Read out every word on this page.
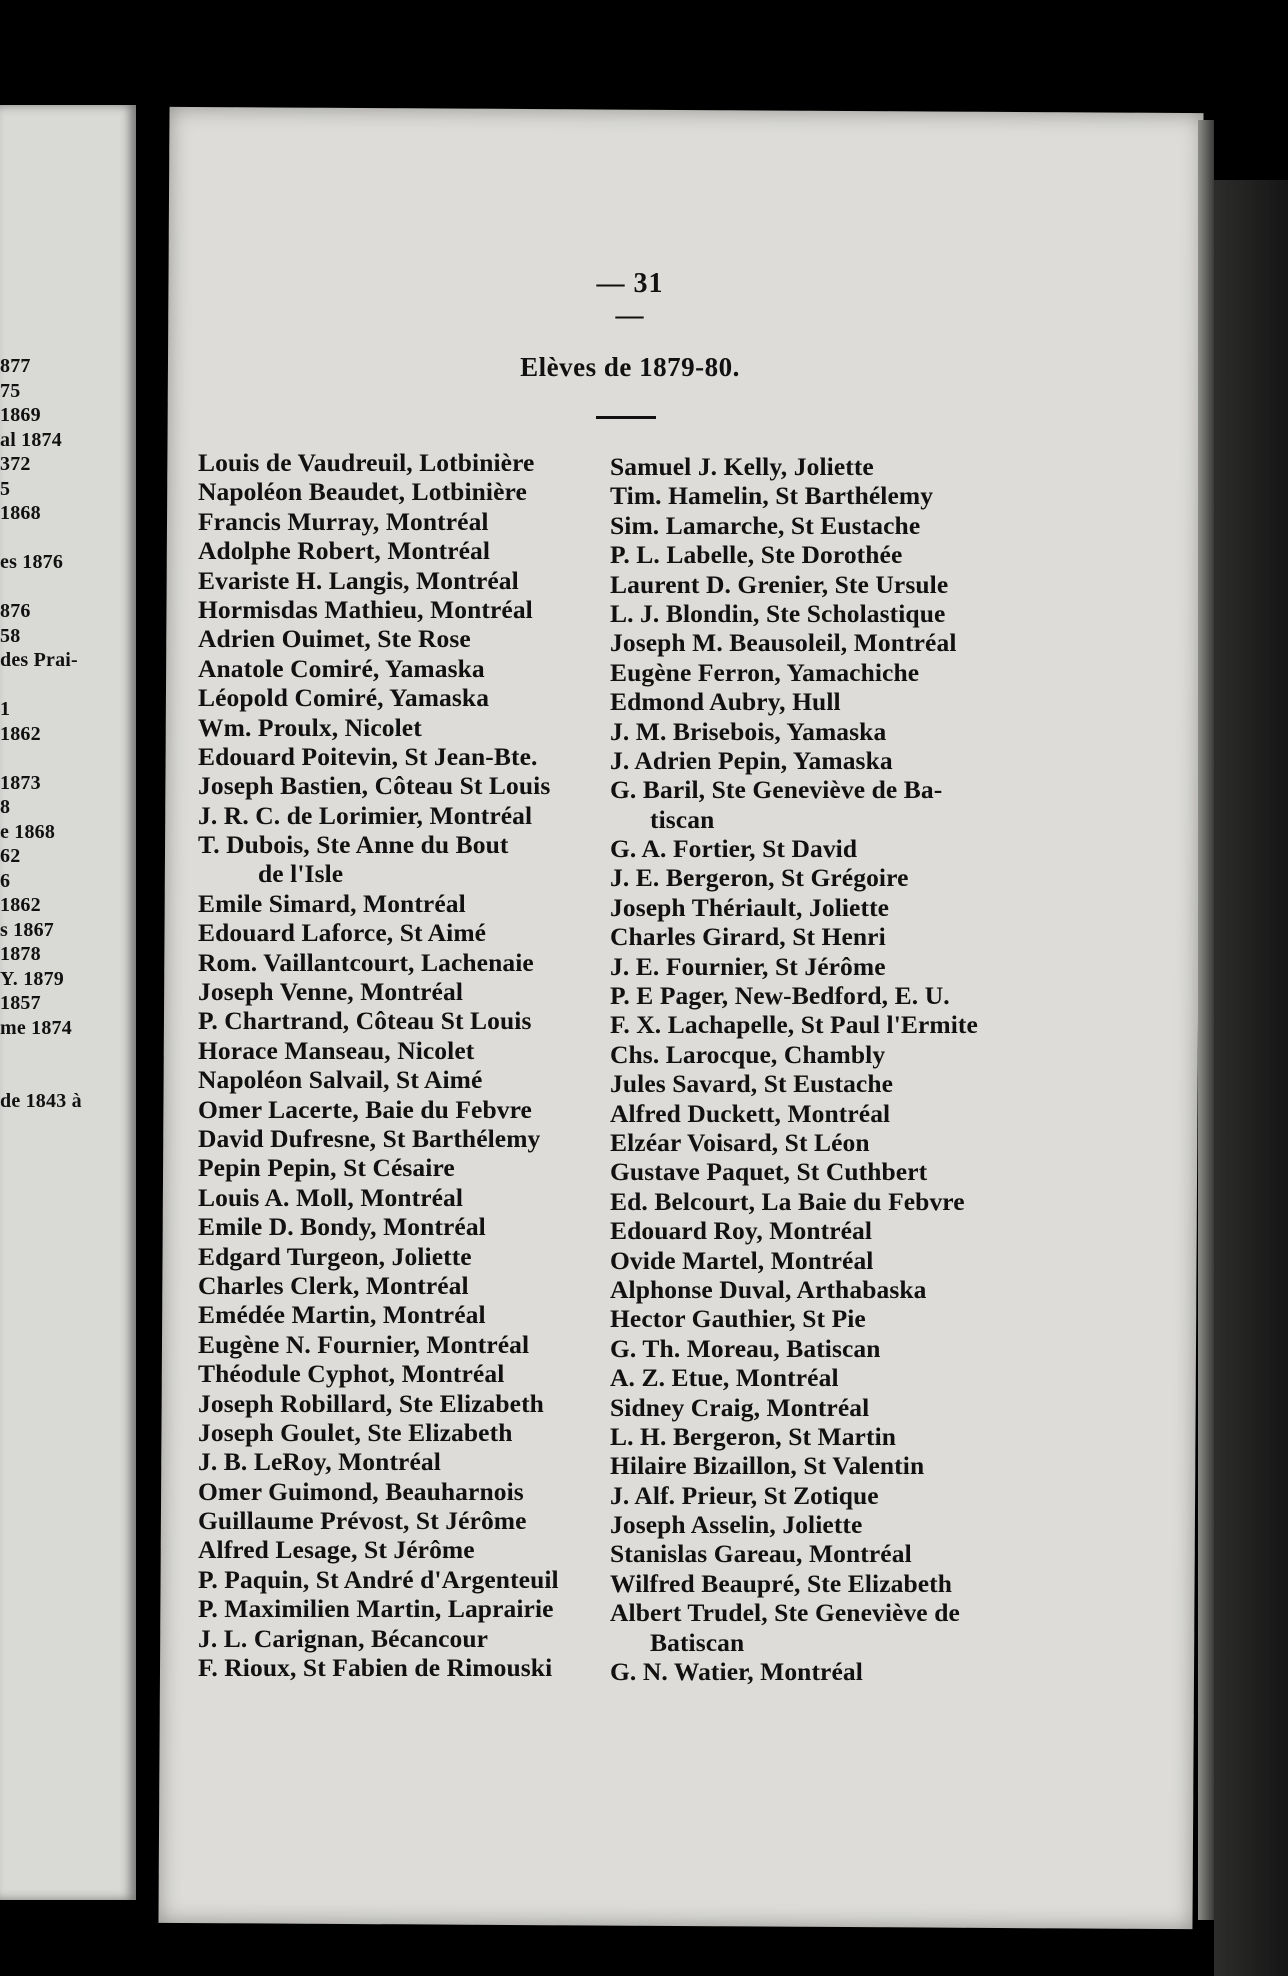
877
75
1869
al 1874
372
5
1868
es 1876
876
58
des Prai-
1
1862
1873
8
e 1868
62
6
1862
s 1867
1878
Y. 1879
1857
me 1874
de 1843 à
— 31 —
Elèves de 1879-80.
Louis de Vaudreuil, Lotbinière
Napoléon Beaudet, Lotbinière
Francis Murray, Montréal
Adolphe Robert, Montréal
Evariste H. Langis, Montréal
Hormisdas Mathieu, Montréal
Adrien Ouimet, Ste Rose
Anatole Comiré, Yamaska
Léopold Comiré, Yamaska
Wm. Proulx, Nicolet
Edouard Poitevin, St Jean-Bte.
Joseph Bastien, Côteau St Louis
J. R. C. de Lorimier, Montréal
T. Dubois, Ste Anne du Bout
de l'Isle
Emile Simard, Montréal
Edouard Laforce, St Aimé
Rom. Vaillantcourt, Lachenaie
Joseph Venne, Montréal
P. Chartrand, Côteau St Louis
Horace Manseau, Nicolet
Napoléon Salvail, St Aimé
Omer Lacerte, Baie du Febvre
David Dufresne, St Barthélemy
Pepin Pepin, St Césaire
Louis A. Moll, Montréal
Emile D. Bondy, Montréal
Edgard Turgeon, Joliette
Charles Clerk, Montréal
Emédée Martin, Montréal
Eugène N. Fournier, Montréal
Théodule Cyphot, Montréal
Joseph Robillard, Ste Elizabeth
Joseph Goulet, Ste Elizabeth
J. B. LeRoy, Montréal
Omer Guimond, Beauharnois
Guillaume Prévost, St Jérôme
Alfred Lesage, St Jérôme
P. Paquin, St André d'Argenteuil
P. Maximilien Martin, Laprairie
J. L. Carignan, Bécancour
F. Rioux, St Fabien de Rimouski
Samuel J. Kelly, Joliette
Tim. Hamelin, St Barthélemy
Sim. Lamarche, St Eustache
P. L. Labelle, Ste Dorothée
Laurent D. Grenier, Ste Ursule
L. J. Blondin, Ste Scholastique
Joseph M. Beausoleil, Montréal
Eugène Ferron, Yamachiche
Edmond Aubry, Hull
J. M. Brisebois, Yamaska
J. Adrien Pepin, Yamaska
G. Baril, Ste Geneviève de Ba-
tiscan
G. A. Fortier, St David
J. E. Bergeron, St Grégoire
Joseph Thériault, Joliette
Charles Girard, St Henri
J. E. Fournier, St Jérôme
P. E Pager, New-Bedford, E. U.
F. X. Lachapelle, St Paul l'Ermite
Chs. Larocque, Chambly
Jules Savard, St Eustache
Alfred Duckett, Montréal
Elzéar Voisard, St Léon
Gustave Paquet, St Cuthbert
Ed. Belcourt, La Baie du Febvre
Edouard Roy, Montréal
Ovide Martel, Montréal
Alphonse Duval, Arthabaska
Hector Gauthier, St Pie
G. Th. Moreau, Batiscan
A. Z. Etue, Montréal
Sidney Craig, Montréal
L. H. Bergeron, St Martin
Hilaire Bizaillon, St Valentin
J. Alf. Prieur, St Zotique
Joseph Asselin, Joliette
Stanislas Gareau, Montréal
Wilfred Beaupré, Ste Elizabeth
Albert Trudel, Ste Geneviève de
Batiscan
G. N. Watier, Montréal
